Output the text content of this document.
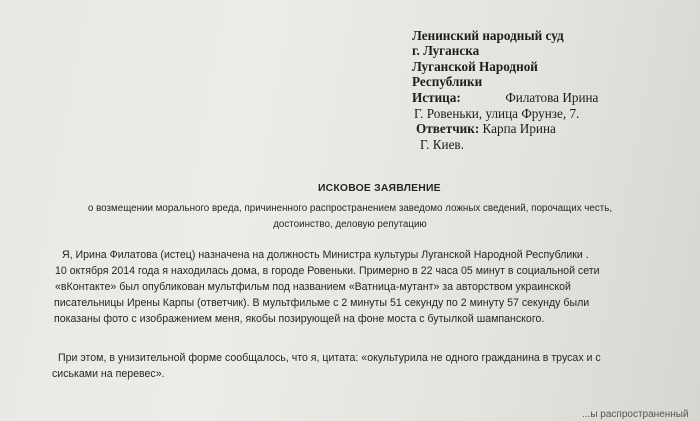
Ленинский народный суд
г. Луганска
Луганской Народной
Республики
Истица:	Филатова Ирина
Г. Ровеньки, улица Фрунзе, 7.
Ответчик: Карпа Ирина
Г. Киев.
ИСКОВОЕ ЗАЯВЛЕНИЕ
о возмещении морального вреда, причиненного распространением заведомо ложных сведений, порочащих честь,
достоинство, деловую репутацию
Я, Ирина Филатова (истец) назначена на должность Министра культуры Луганской Народной Республики .
10 октября 2014 года я находилась дома, в городе Ровеньки. Примерно в 22 часа 05 минут в социальной сети
«вКонтакте» был опубликован мультфильм под названием «Ватница-мутант» за авторством украинской
писательницы Ирены Карпы (ответчик). В мультфильме с 2 минуты 51 секунду по 2 минуту 57 секунду были
показаны фото с изображением меня, якобы позирующей на фоне моста с бутылкой шампанского.
При этом, в унизительной форме сообщалось, что я, цитата: «окультурила не одного гражданина в трусах и с
сиськами на перевес».
...ы распространенный
